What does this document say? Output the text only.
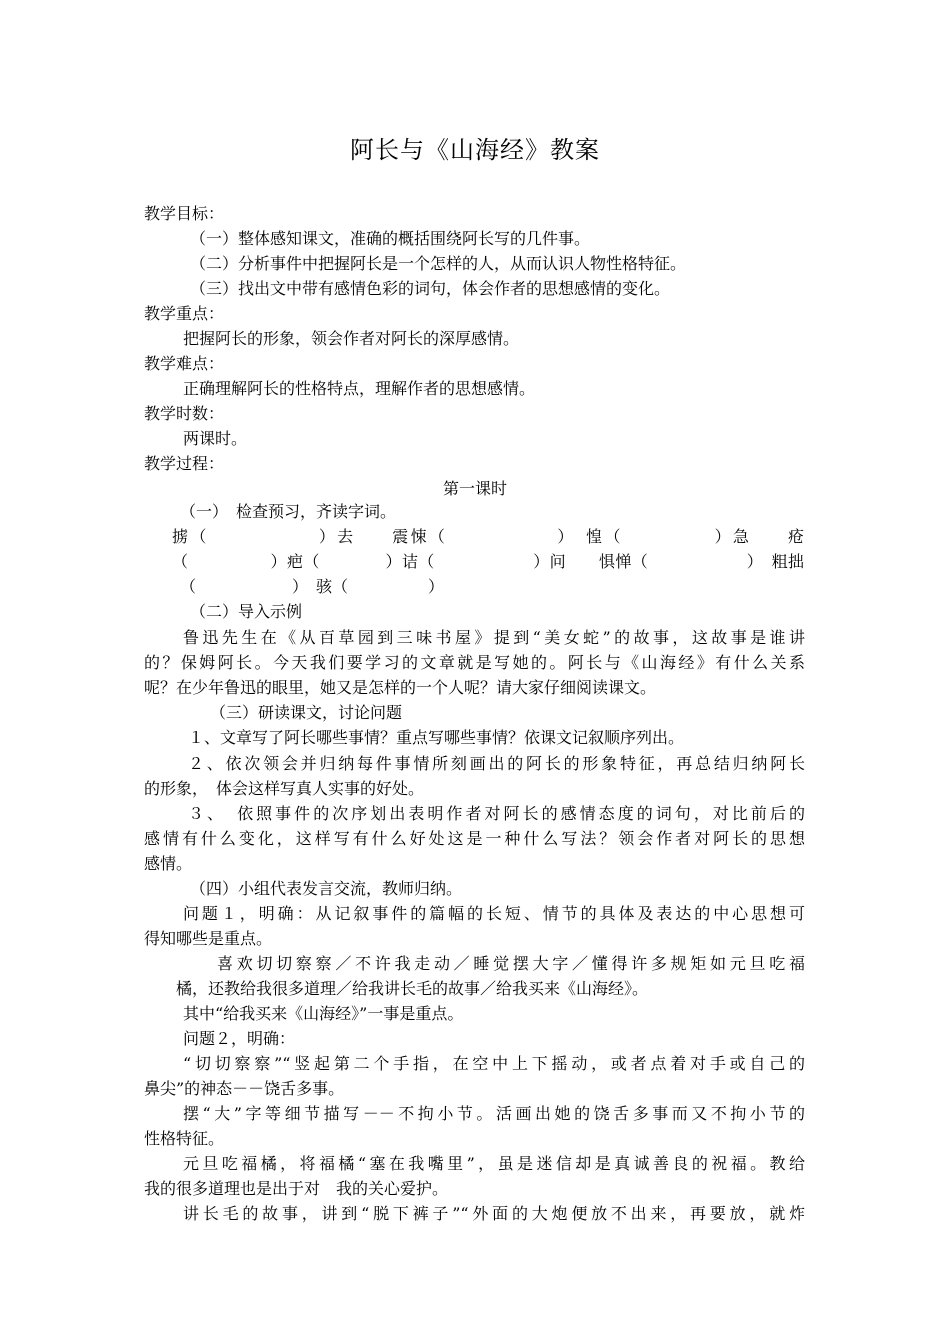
阿长与《山海经》教案
教学目标：
（一）整体感知课文，准确的概括围绕阿长写的几件事。
（二）分析事件中把握阿长是一个怎样的人，从而认识人物性格特征。
（三）找出文中带有感情色彩的词句，体会作者的思想感情的变化。
教学重点：
把握阿长的形象，领会作者对阿长的深厚感情。
教学难点：
正确理解阿长的性格特点，理解作者的思想感情。
教学时数：
两课时。
教学过程：
第一课时
（一）　检查预习，齐读字词。
掳（　　　　　　）去　　震悚（　　　　　　）　惶（　　　　　）急　　疮
（　　　　　）疤（　　　　）诘（　　　　　　）问　　惧惮（　　　　　　）　粗拙
（　　　　　　）　骇（　　　　　）
（二）导入示例
鲁迅先生在《从百草园到三味书屋》提到“美女蛇”的故事，这故事是谁讲
的？保姆阿长。今天我们要学习的文章就是写她的。阿长与《山海经》有什么关系
呢？在少年鲁迅的眼里，她又是怎样的一个人呢？请大家仔细阅读课文。
（三）研读课文，讨论问题
１、文章写了阿长哪些事情？重点写哪些事情？依课文记叙顺序列出。
２、依次领会并归纳每件事情所刻画出的阿长的形象特征，再总结归纳阿长
的形象，　体会这样写真人实事的好处。
３、　依照事件的次序划出表明作者对阿长的感情态度的词句，对比前后的
感情有什么变化，这样写有什么好处这是一种什么写法？领会作者对阿长的思想
感情。
（四）小组代表发言交流，教师归纳。
问题１，明确：从记叙事件的篇幅的长短、情节的具体及表达的中心思想可
得知哪些是重点。
喜欢切切察察／不许我走动／睡觉摆大字／懂得许多规矩如元旦吃福
橘，还教给我很多道理／给我讲长毛的故事／给我买来《山海经》。
其中“给我买来《山海经》”一事是重点。
问题２，明确：
“切切察察”“竖起第二个手指，在空中上下摇动，或者点着对手或自己的
鼻尖”的神态－－饶舌多事。
摆“大”字等细节描写－－不拘小节。活画出她的饶舌多事而又不拘小节的
性格特征。
元旦吃福橘，将福橘“塞在我嘴里”，虽是迷信却是真诚善良的祝福。教给
我的很多道理也是出于对　我的关心爱护。
讲长毛的故事，讲到“脱下裤子”“外面的大炮便放不出来，再要放，就炸
